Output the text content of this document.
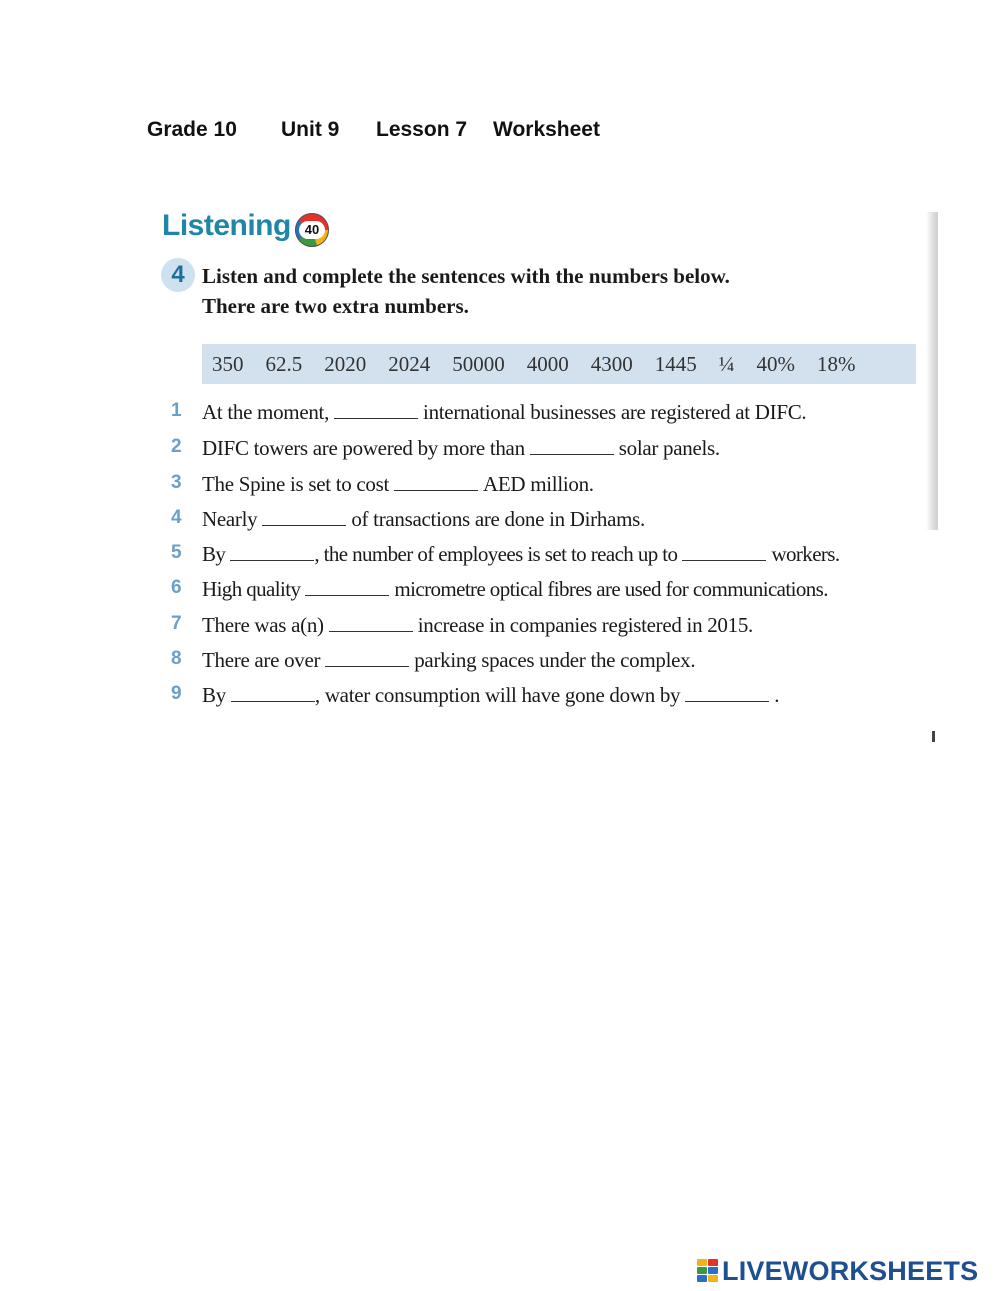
Grade 10 Unit 9 Lesson 7 Worksheet
Listening	40
4 Listen and complete the sentences with the numbers below.
There are two extra numbers.
350 62.5 2020 2024 50000 4000 4300 1445 ¼ 40% 18%
1 At the moment,	international businesses are registered at DIFC.
2 DIFC towers are powered by more than	solar panels.
3 The Spine is set to cost	AED million.
4 Nearly	of transactions are done in Dirhams.
5 By	, the number of employees is set to reach up to	workers.
6 High quality	micrometre optical fibres are used for communications.
7 There was a(n)	increase in companies registered in 2015.
8 There are over	parking spaces under the complex.
9 By	, water consumption will have gone down by	.
LIVEWORKSHEETS
